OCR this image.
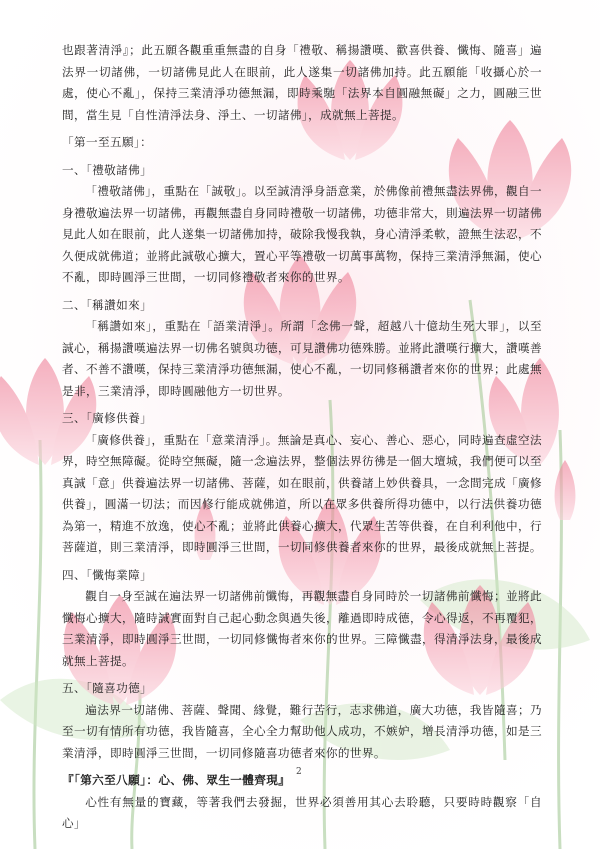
也跟著清淨』；此五願各觀重重無盡的自身「禮敬、稱揚讚嘆、歡喜供養、懺悔、隨喜」遍法界一切諸佛，一切諸佛見此人在眼前，此人遂集一切諸佛加持。此五願能「收攝心於一處，使心不亂」，保持三業清淨功德無漏，即時乘馳「法界本自圓融無礙」之力，圓融三世間，當生見「自性清淨法身、淨土、一切諸佛」，成就無上菩提。

「第一至五願」：

一、「禮敬諸佛」

「禮敬諸佛」，重點在「誠敬」。以至誠清淨身語意業，於佛像前禮無盡法界佛，觀自一身禮敬遍法界一切諸佛，再觀無盡自身同時禮敬一切諸佛，功德非常大，則遍法界一切諸佛見此人如在眼前，此人遂集一切諸佛加持，破除我慢我執，身心清淨柔軟，證無生法忍，不久便成就佛道；並將此誠敬心擴大，置心平等禮敬一切萬事萬物，保持三業清淨無漏，使心不亂，即時圓淨三世間，一切同修禮敬者來你的世界。

二、「稱讚如來」

「稱讚如來」，重點在「語業清淨」。所謂「念佛一聲，超越八十億劫生死大罪」，以至誠心，稱揚讚嘆遍法界一切佛名號與功德，可見讚佛功德殊勝。並將此讚嘆行擴大，讚嘆善者、不善不讚嘆，保持三業清淨功德無漏，使心不亂，一切同修稱讚者來你的世界；此處無是非，三業清淨，即時圓融他方一切世界。

三、「廣修供養」

「廣修供養」，重點在「意業清淨」。無論是真心、妄心、善心、惡心，同時遍查虛空法界，時空無障礙。從時空無礙，隨一念遍法界，整個法界彷彿是一個大壇城，我們便可以至真誠「意」供養遍法界一切諸佛、菩薩，如在眼前，供養諸上妙供養具，一念間完成「廣修供養」，圓滿一切法；而因修行能成就佛道，所以在眾多供養所得功德中，以行法供養功德為第一，精進不放逸，使心不亂；並將此供養心擴大，代眾生苦等供養，在自利利他中，行菩薩道，則三業清淨，即時圓淨三世間，一切同修供養者來你的世界，最後成就無上菩提。

四、「懺悔業障」

觀自一身至誠在遍法界一切諸佛前懺悔，再觀無盡自身同時於一切諸佛前懺悔；並將此懺悔心擴大，隨時誠實面對自己起心動念與過失後，離過即時成德，令心得返，不再覆犯，三業清淨，即時圓淨三世間，一切同修懺悔者來你的世界。三障懺盡，得清淨法身，最後成就無上菩提。

五、「隨喜功德」

遍法界一切諸佛、菩薩、聲聞、緣覺，難行苦行，志求佛道，廣大功德，我皆隨喜；乃至一切有情所有功德，我皆隨喜，全心全力幫助他人成功，不嫉妒，增長清淨功德，如是三業清淨，即時圓淨三世間，一切同修隨喜功德者來你的世界。

『「第六至八願」：心、佛、眾生一體齊現』

心性有無量的寶藏，等著我們去發掘，世界必須善用其心去聆聽，只要時時觀察「自心」

2
